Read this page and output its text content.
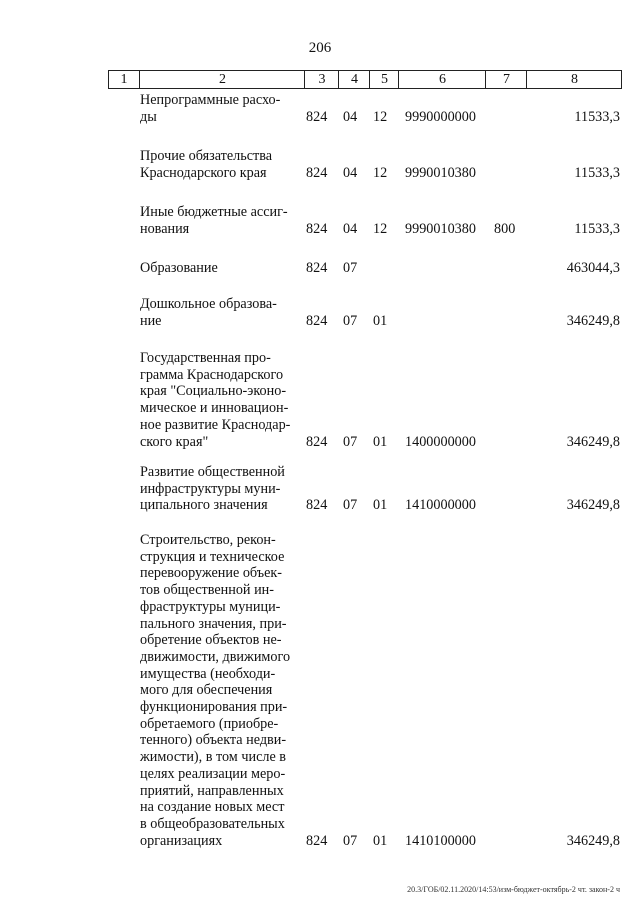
206
1	2	3	4	5	6	7	8
Непрограммные расхо-
ды	824 04 12 9990000000	11533,3
Прочие обязательства
Краснодарского края	824 04 12 9990010380	11533,3
Иные бюджетные ассиг-
нования	824 04 12 9990010380 800	11533,3
Образование	824 07	463044,3
Дошкольное образова-
ние	824 07 01	346249,8
Государственная про-
грамма Краснодарского
края "Социально-эконо-
мическое и инновацион-
ное развитие Краснодар-
ского края"	824 07 01 1400000000	346249,8
Развитие общественной
инфраструктуры муни-
ципального значения	824 07 01 1410000000	346249,8
Строительство, рекон-
струкция и техническое
перевооружение объек-
тов общественной ин-
фраструктуры муници-
пального значения, при-
обретение объектов не-
движимости, движимого
имущества (необходи-
мого для обеспечения
функционирования при-
обретаемого (приобре-
тенного) объекта недви-
жимости), в том числе в
целях реализации меро-
приятий, направленных
на создание новых мест
в общеобразовательных
организациях	824 07 01 1410100000	346249,8
20.3/ГОБ/02.11.2020/14:53/изм-бюджет-октябрь-2 чт. закон-2 ч
